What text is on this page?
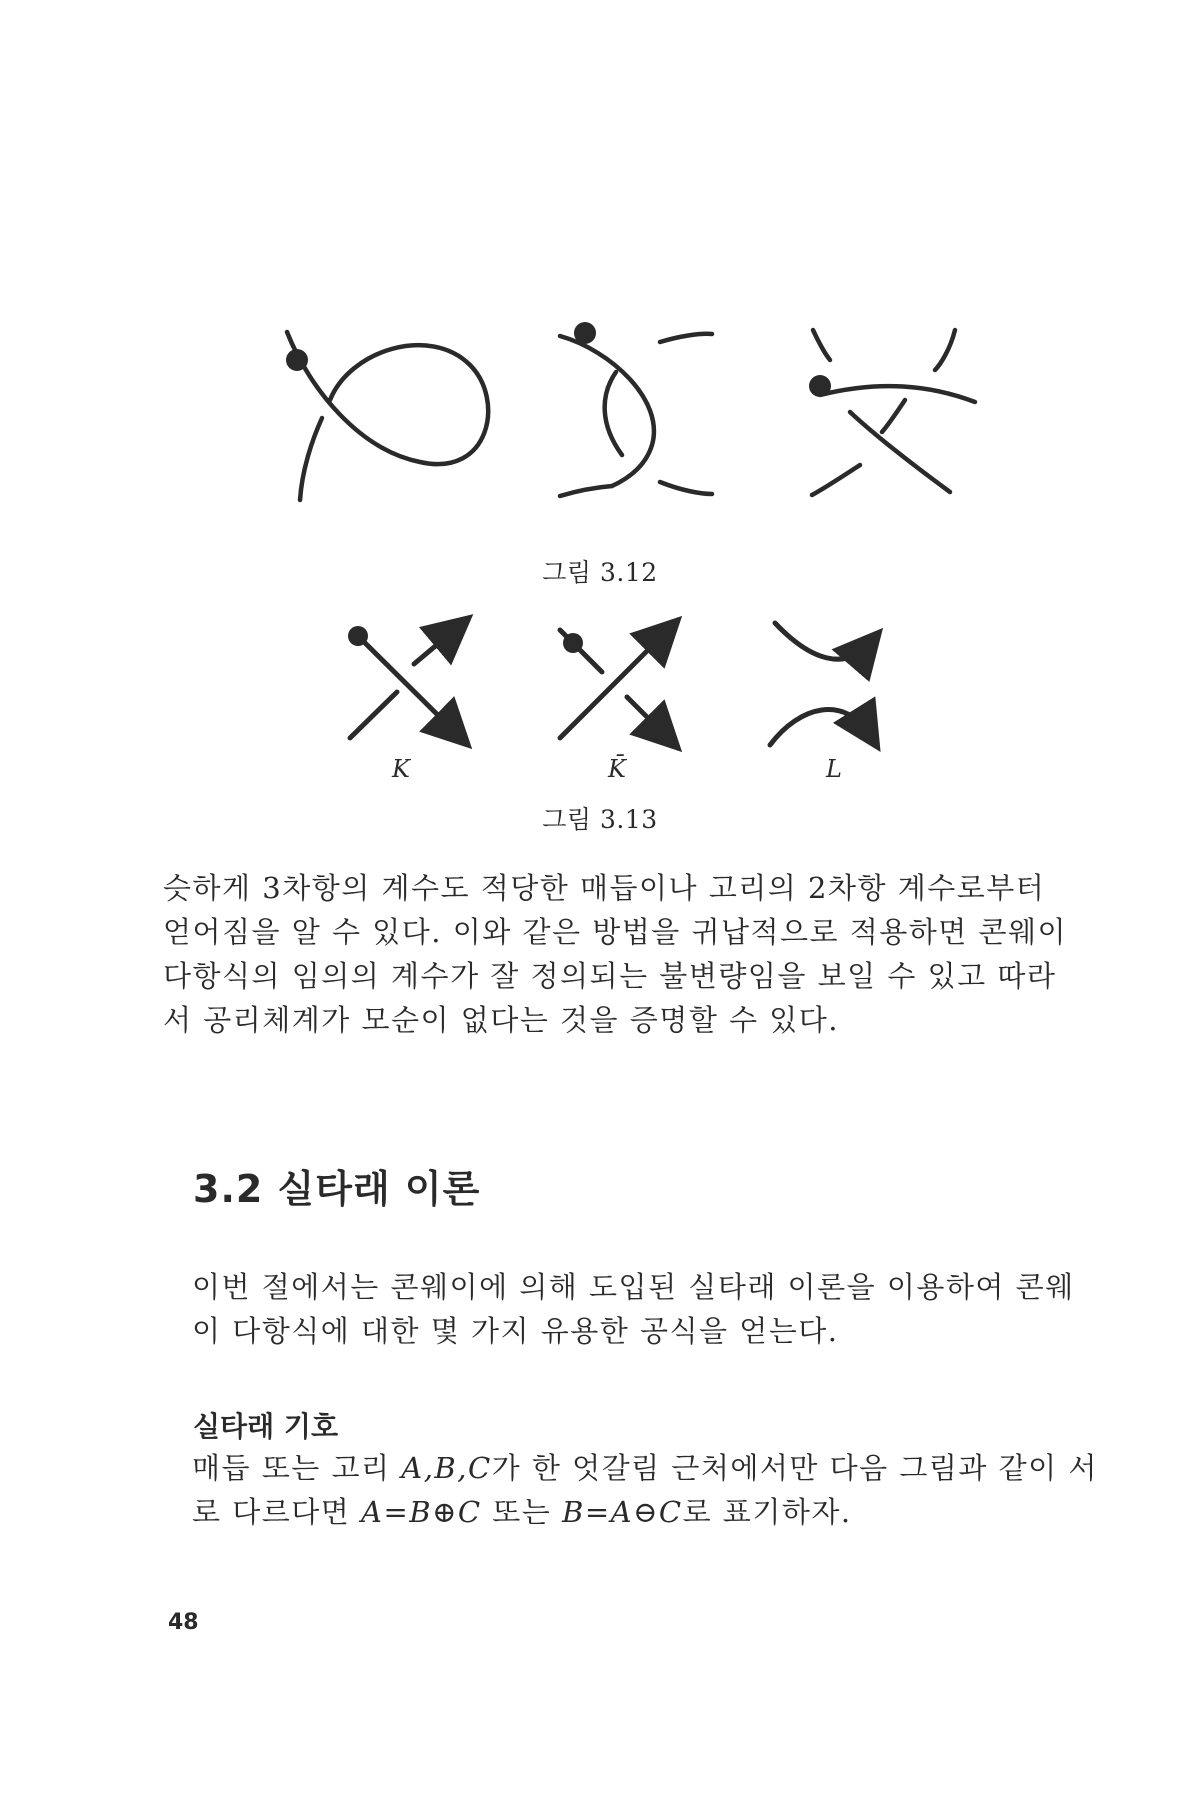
그림 3.12
K	K̄	L
그림 3.13

슷하게 3차항의 계수도 적당한 매듭이나 고리의 2차항 계수로부터 얻어짐을 알 수 있다. 이와 같은 방법을 귀납적으로 적용하면 콘웨이 다항식의 임의의 계수가 잘 정의되는 불변량임을 보일 수 있고 따라서 공리체계가 모순이 없다는 것을 증명할 수 있다.

3.2 실타래 이론

이번 절에서는 콘웨이에 의해 도입된 실타래 이론을 이용하여 콘웨이 다항식에 대한 몇 가지 유용한 공식을 얻는다.

실타래 기호

매듭 또는 고리 A,B,C가 한 엇갈림 근처에서만 다음 그림과 같이 서로 다르다면 A=B⊕C 또는 B=A⊖C로 표기하자.

48
